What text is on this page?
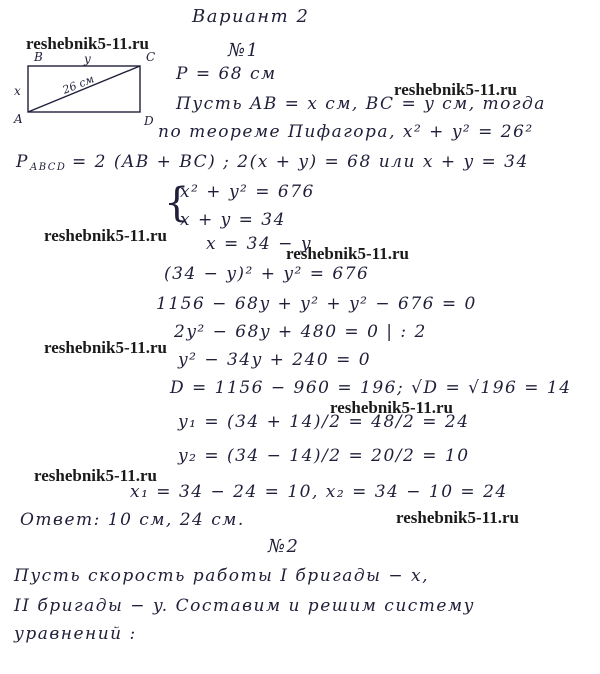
reshebnik5-11.ru
reshebnik5-11.ru
reshebnik5-11.ru
reshebnik5-11.ru
reshebnik5-11.ru
reshebnik5-11.ru
reshebnik5-11.ru
reshebnik5-11.ru
Вариант 2
№1
B	C
A	D
y
x	26 см	P = 68 см
Пусть AB = x см, BC = y см, тогда
по теореме Пифагора, x² + y² = 26²
P ABCD = 2 (AB + BC) ; 2(x + y) = 68 или x + y = 34
{
x² + y² = 676
x + y = 34
x = 34 − y
(34 − y)² + y² = 676
1156 − 68y + y² + y² − 676 = 0
2y² − 68y + 480 = 0 | : 2
y² − 34y + 240 = 0
D = 1156 − 960 = 196; √D = √196 = 14
y₁ = (34 + 14)/2 = 48/2 = 24
y₂ = (34 − 14)/2 = 20/2 = 10
x₁ = 34 − 24 = 10, x₂ = 34 − 10 = 24
Ответ: 10 см, 24 см.
№2
Пусть скорость работы I бригады − x,
II бригады − y. Составим и решим систему
уравнений :
